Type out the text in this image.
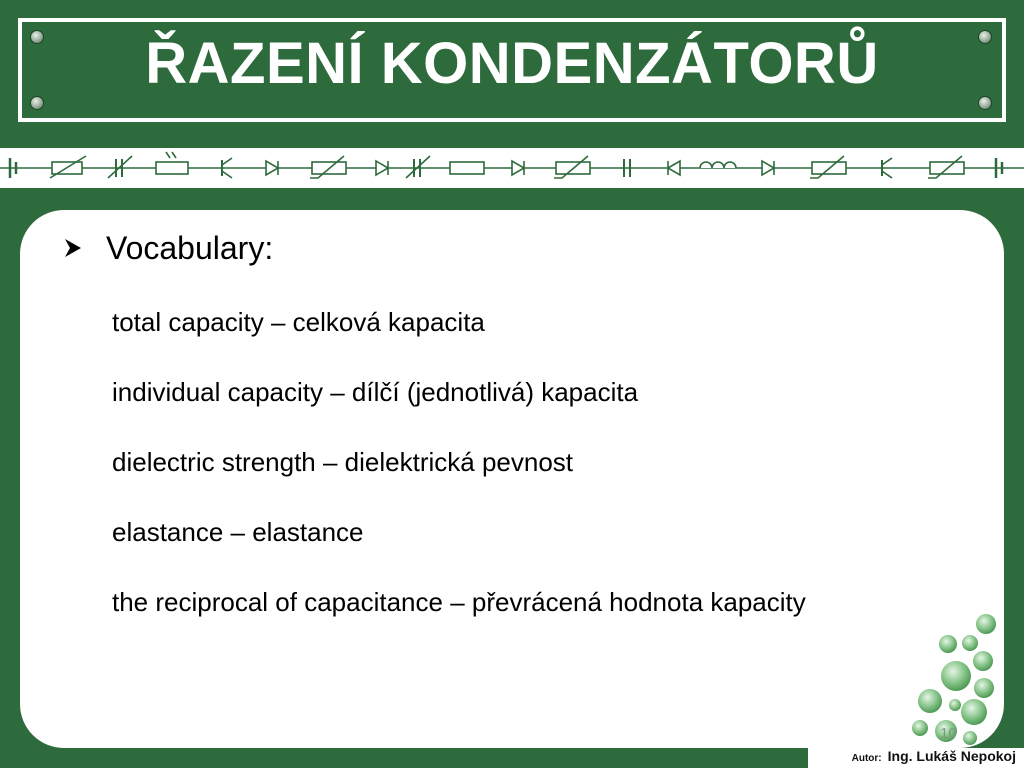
ŘAZENÍ KONDENZÁTORŮ
Vocabulary:
total capacity – celková kapacita
individual capacity – dílčí (jednotlivá) kapacita
dielectric strength – dielektrická pevnost
elastance – elastance
the reciprocal of capacitance – převrácená hodnota kapacity
10
Autor: Ing. Lukáš Nepokoj
